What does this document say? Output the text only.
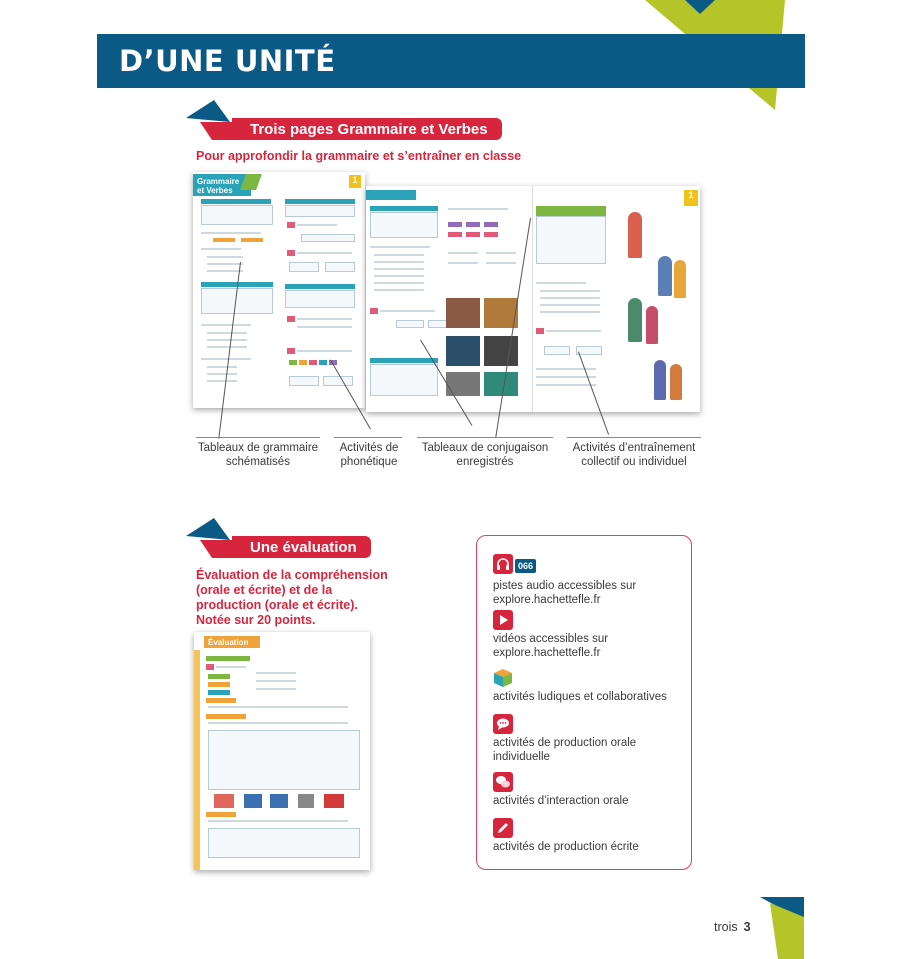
D’UNE UNITÉ
Trois pages Grammaire et Verbes
Pour approfondir la grammaire et s’entraîner en classe
Grammaire
et Verbes
1
1
Tableaux de grammaire
schématisés
Activités de
phonétique
Tableaux de conjugaison
enregistrés
Activités d’entraînement
collectif ou individuel
Une évaluation
Évaluation de la compréhension
(orale et écrite) et de la
production (orale et écrite).
Notée sur 20 points.
Évaluation
066
pistes audio accessibles sur
explore.hachettefle.fr
vidéos accessibles sur
explore.hachettefle.fr
activités ludiques et collaboratives
activités de production orale
individuelle
activités d’interaction orale
activités de production écrite
trois 3
